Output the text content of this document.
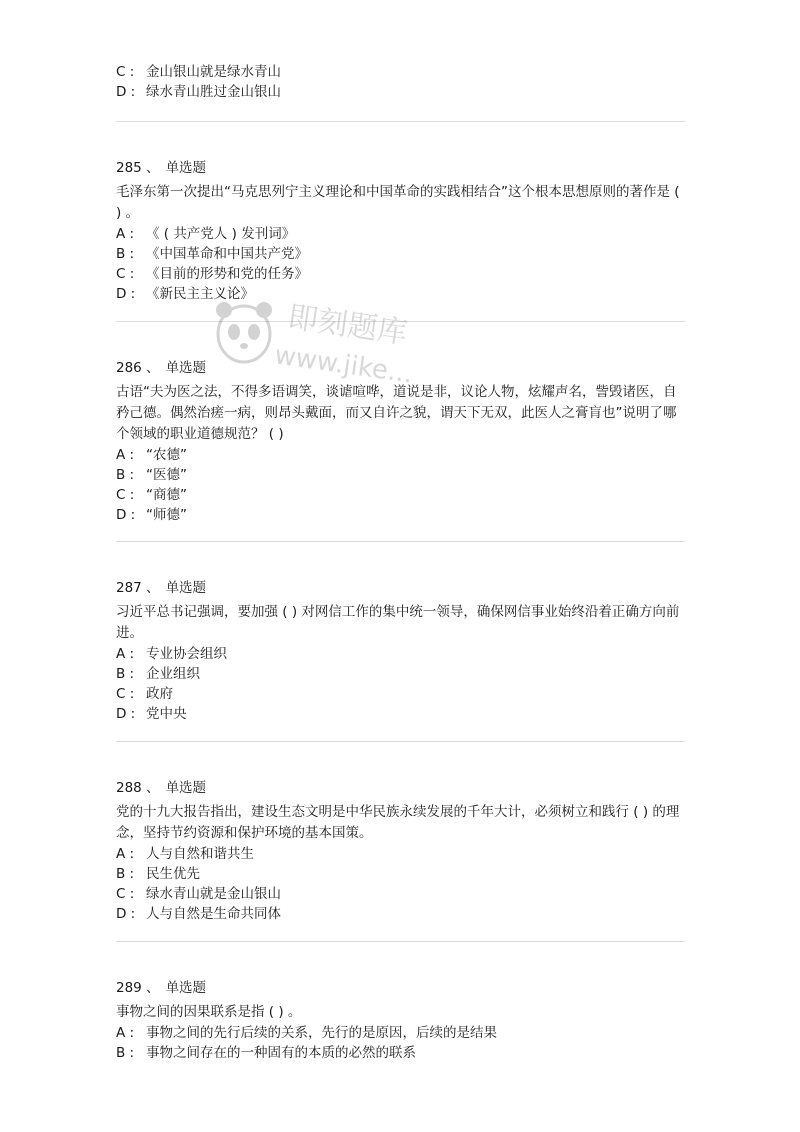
C : 金山银山就是绿水青山
D : 绿水青山胜过金山银山
285 、 单选题
毛泽东第一次提出“马克思列宁主义理论和中国革命的实践相结合”这个根本思想原则的著作是 ( ) 。
A : 《 ( 共产党人 ) 发刊词》
B : 《中国革命和中国共产党》
C : 《目前的形势和党的任务》
D : 《新民主主义论》
286 、 单选题
古语“夫为医之法，不得多语调笑，谈谑喧哗，道说是非，议论人物，炫耀声名，訾毁诸医，自矜己德。偶然治瘥一病，则昂头戴面，而又自许之貌，谓天下无双，此医人之膏肓也”说明了哪个领域的职业道德规范？ ( )
A : “农德”
B : “医德”
C : “商德”
D : “师德”
287 、 单选题
习近平总书记强调，要加强 ( ) 对网信工作的集中统一领导，确保网信事业始终沿着正确方向前进。
A : 专业协会组织
B : 企业组织
C : 政府
D : 党中央
288 、 单选题
党的十九大报告指出，建设生态文明是中华民族永续发展的千年大计，必须树立和践行 ( ) 的理念，坚持节约资源和保护环境的基本国策。
A : 人与自然和谐共生
B : 民生优先
C : 绿水青山就是金山银山
D : 人与自然是生命共同体
289 、 单选题
事物之间的因果联系是指 ( ) 。
A : 事物之间的先行后续的关系，先行的是原因，后续的是结果
B : 事物之间存在的一种固有的本质的必然的联系
即刻题库
www.jike...
